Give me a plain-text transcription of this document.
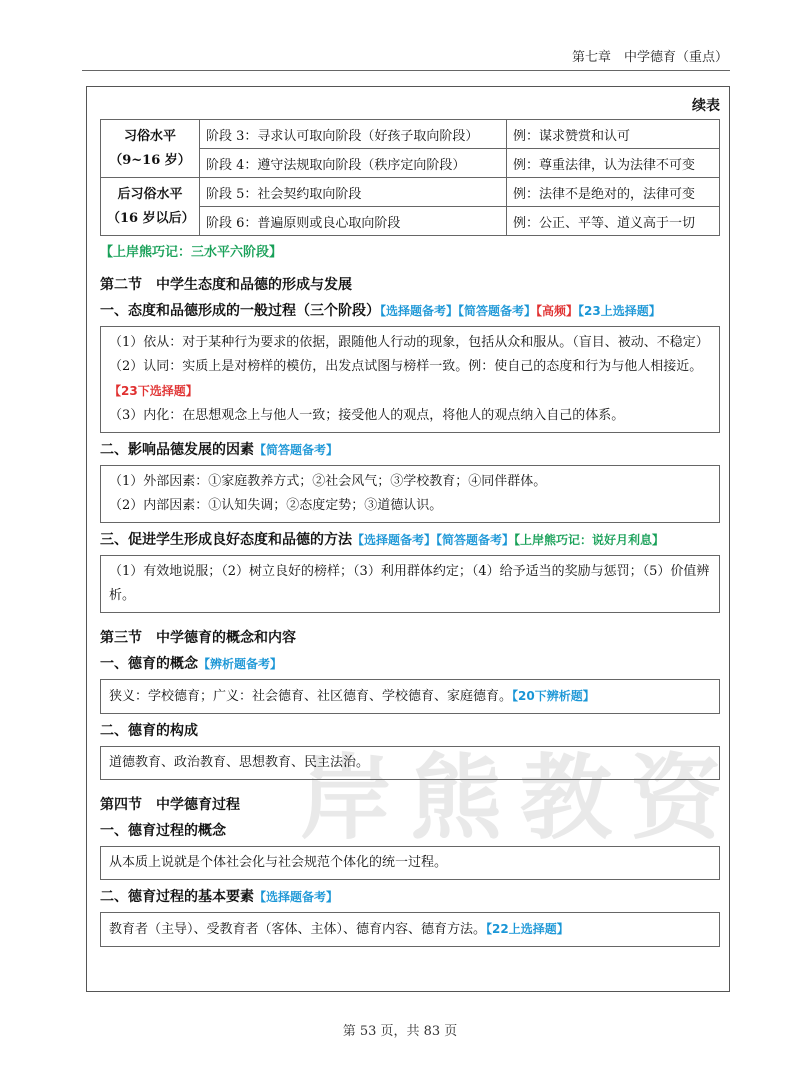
第七章　中学德育（重点）
岸熊教资
续表
习俗水平
（9~16 岁）	阶段 3：寻求认可取向阶段（好孩子取向阶段）	例：谋求赞赏和认可
	阶段 4：遵守法规取向阶段（秩序定向阶段）	例：尊重法律，认为法律不可变
后习俗水平
（16 岁以后）	阶段 5：社会契约取向阶段	例：法律不是绝对的，法律可变
	阶段 6：普遍原则或良心取向阶段	例：公正、平等、道义高于一切
【上岸熊巧记：三水平六阶段】
第二节　中学生态度和品德的形成与发展
一、态度和品德形成的一般过程（三个阶段）【选择题备考】【简答题备考】【高频】【23上选择题】
（1）依从：对于某种行为要求的依据，跟随他人行动的现象，包括从众和服从。（盲目、被动、不稳定）
（2）认同：实质上是对榜样的模仿，出发点试图与榜样一致。例：使自己的态度和行为与他人相接近。【23下选择题】
（3）内化：在思想观念上与他人一致；接受他人的观点，将他人的观点纳入自己的体系。
二、影响品德发展的因素【简答题备考】
（1）外部因素：①家庭教养方式；②社会风气；③学校教育；④同伴群体。
（2）内部因素：①认知失调；②态度定势；③道德认识。
三、促进学生形成良好态度和品德的方法【选择题备考】【简答题备考】【上岸熊巧记：说好月利息】
（1）有效地说服；（2）树立良好的榜样；（3）利用群体约定；（4）给予适当的奖励与惩罚；（5）价值辨析。
第三节　中学德育的概念和内容
一、德育的概念【辨析题备考】
狭义：学校德育；广义：社会德育、社区德育、学校德育、家庭德育。【20下辨析题】
二、德育的构成
道德教育、政治教育、思想教育、民主法治。
第四节　中学德育过程
一、德育过程的概念
从本质上说就是个体社会化与社会规范个体化的统一过程。
二、德育过程的基本要素【选择题备考】
教育者（主导）、受教育者（客体、主体）、德育内容、德育方法。【22上选择题】
第 53 页，共 83 页
